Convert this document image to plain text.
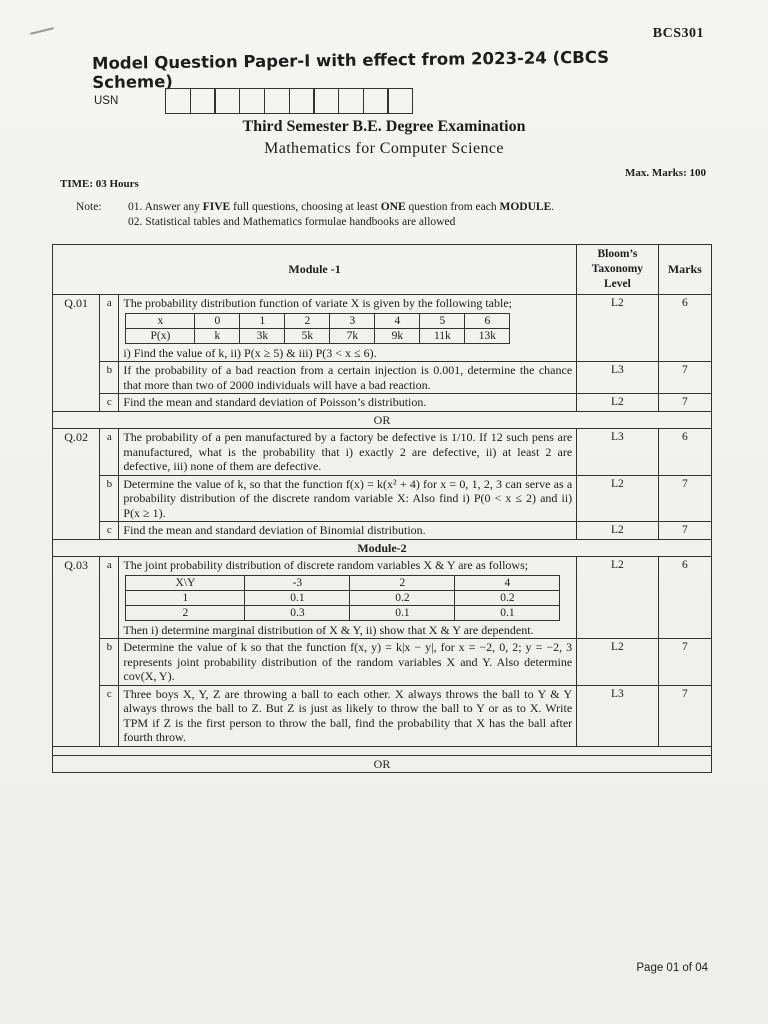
BCS301
Model Question Paper-I with effect from 2023-24 (CBCS Scheme)
USN
Third Semester B.E. Degree Examination
Mathematics for Computer Science
TIME: 03 Hours
Max. Marks: 100
Note: 01. Answer any FIVE full questions, choosing at least ONE question from each MODULE.
02. Statistical tables and Mathematics formulae handbooks are allowed
Module -1	
Bloom’s
Taxonomy
Level
	Marks
Q.01	a	The probability distribution function of variate X is given by the following table;
x	0	1	2	3	4	5	6
P(x)	k	3k	5k	7k	9k	11k	13k
i) Find the value of k, ii) P(x ≥ 5) & iii) P(3 < x ≤ 6).
	L2	6
b	If the probability of a bad reaction from a certain injection is 0.001, determine the chance that more than two of 2000 individuals will have a bad reaction.	L3	7
c	Find the mean and standard deviation of Poisson’s distribution.	L2	7
OR
Q.02	a	The probability of a pen manufactured by a factory be defective is 1/10. If 12 such pens are manufactured, what is the probability that i) exactly 2 are defective, ii) at least 2 are defective, iii) none of them are defective.	L3	6
b	Determine the value of k, so that the function f(x) = k(x² + 4) for x = 0, 1, 2, 3 can serve as a probability distribution of the discrete random variable X: Also find i) P(0 < x ≤ 2) and ii) P(x ≥ 1).	L2	7
c	Find the mean and standard deviation of Binomial distribution.	L2	7
Module-2
Q.03	a	The joint probability distribution of discrete random variables X & Y are as follows;
X\Y	-3	2	4
1	0.1	0.2	0.2
2	0.3	0.1	0.1
Then i) determine marginal distribution of X & Y, ii) show that X & Y are dependent.
	L2	6
b	Determine the value of k so that the function f(x, y) = k|x − y|, for x = −2, 0, 2; y = −2, 3 represents joint probability distribution of the random variables X and Y. Also determine cov(X, Y).	L2	7
c	Three boys X, Y, Z are throwing a ball to each other. X always throws the ball to Y & Y always throws the ball to Z. But Z is just as likely to throw the ball to Y or as to X. Write TPM if Z is the first person to throw the ball, find the probability that X has the ball after fourth throw.	L3	7

OR
Page 01 of 04
